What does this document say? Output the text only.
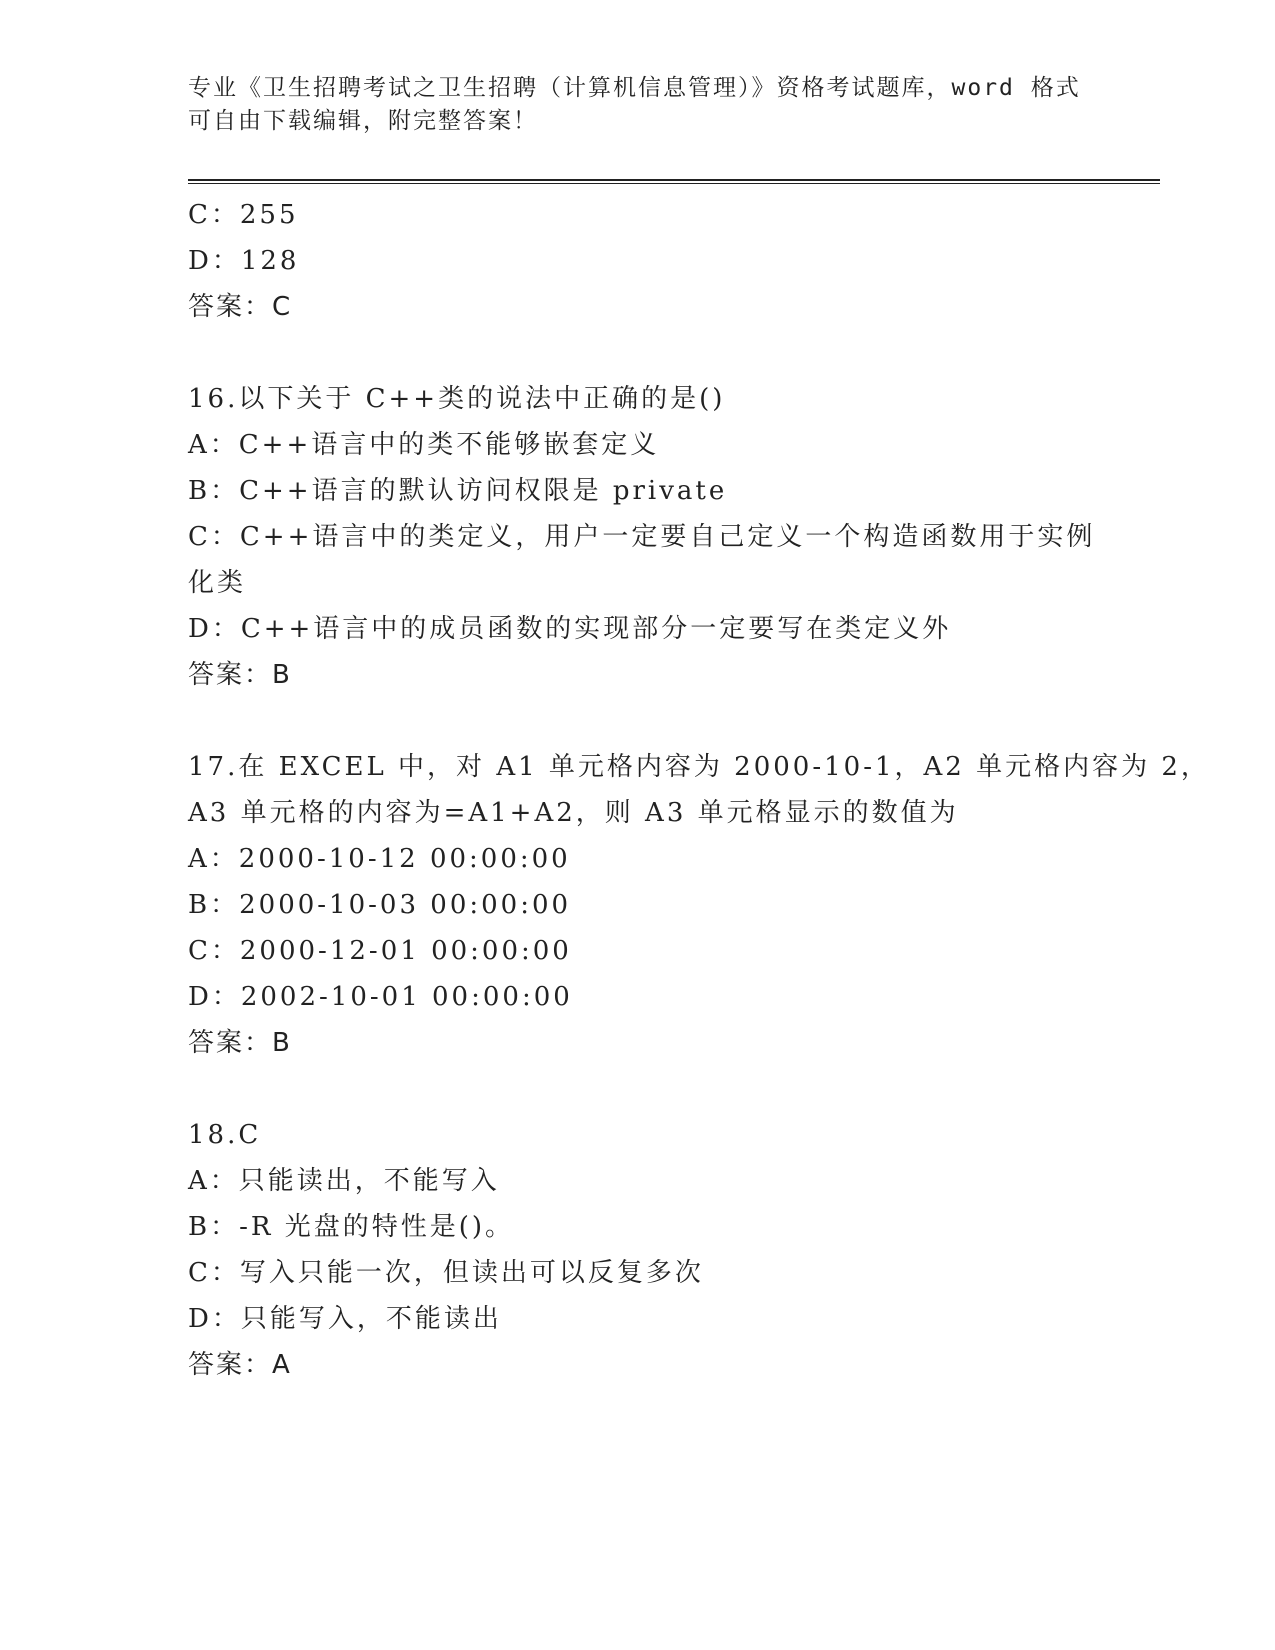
专业《卫生招聘考试之卫生招聘（计算机信息管理）》资格考试题库，word 格式
可自由下载编辑，附完整答案！
C：255
D：128
答案：C
16.以下关于 C++类的说法中正确的是()
A：C++语言中的类不能够嵌套定义
B：C++语言的默认访问权限是 private
C：C++语言中的类定义，用户一定要自己定义一个构造函数用于实例
化类
D：C++语言中的成员函数的实现部分一定要写在类定义外
答案：B
17.在 EXCEL 中，对 A1 单元格内容为 2000-10-1，A2 单元格内容为 2，
A3 单元格的内容为=A1+A2，则 A3 单元格显示的数值为
A：2000-10-12 00:00:00
B：2000-10-03 00:00:00
C：2000-12-01 00:00:00
D：2002-10-01 00:00:00
答案：B
18.C
A：只能读出，不能写入
B：-R 光盘的特性是()。
C：写入只能一次，但读出可以反复多次
D：只能写入，不能读出
答案：A
